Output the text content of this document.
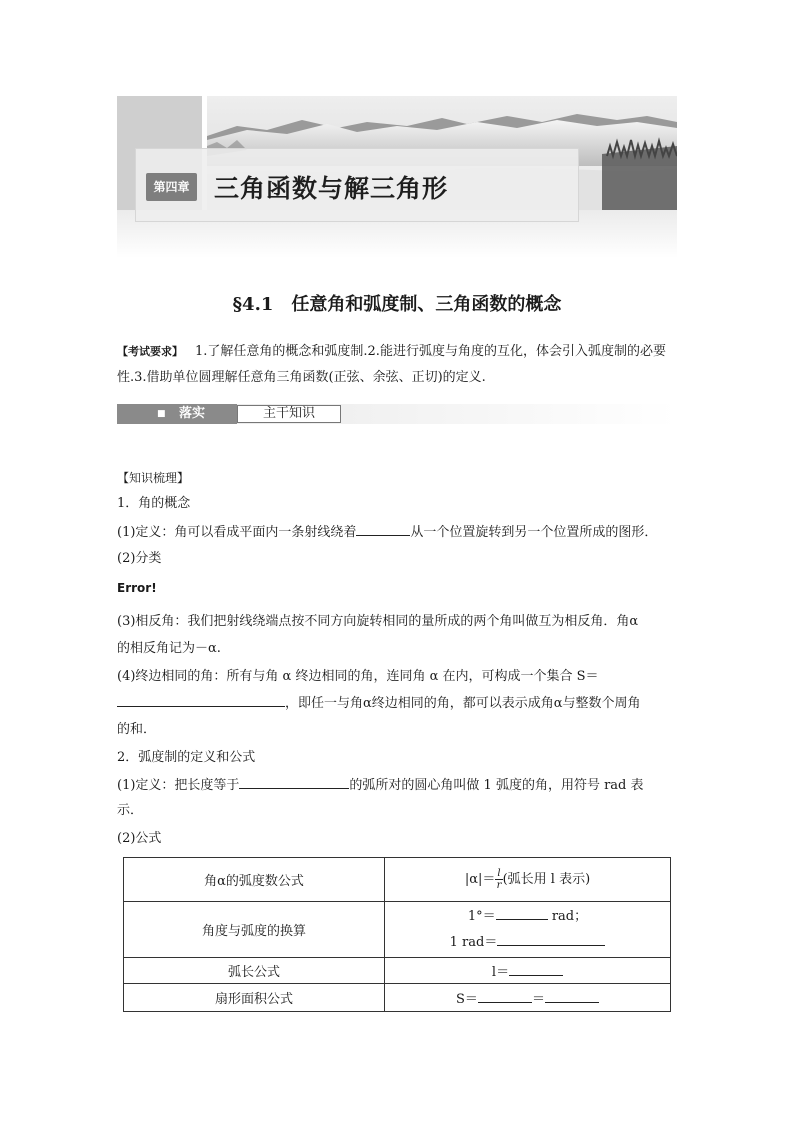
第四章 三角函数与解三角形
§4.1 任意角和弧度制、三角函数的概念
【考试要求】 1.了解任意角的概念和弧度制.2.能进行弧度与角度的互化，体会引入弧度制的必要性.3.借助单位圆理解任意角三角函数(正弦、余弦、正切)的定义.
■ 落实	主干知识
【知识梳理】
1．角的概念
(1)定义：角可以看成平面内一条射线绕着	从一个位置旋转到另一个位置所成的图形．
(2)分类
Error!
(3)相反角：我们把射线绕端点按不同方向旋转相同的量所成的两个角叫做互为相反角．角α
的相反角记为－α.
(4)终边相同的角：所有与角 α 终边相同的角，连同角 α 在内，可构成一个集合 S＝
，即任一与角α终边相同的角，都可以表示成角α与整数个周角
的和．
2．弧度制的定义和公式
(1)定义：把长度等于	的弧所对的圆心角叫做 1 弧度的角，用符号 rad 表
示．
(2)公式
角α的弧度数公式	$|\alpha|= \frac{l}{r}$ (弧长用 l 表示)
角度与弧度的换算	1°＝ rad；
1 rad＝

弧长公式	l＝
扇形面积公式	S＝ ＝
